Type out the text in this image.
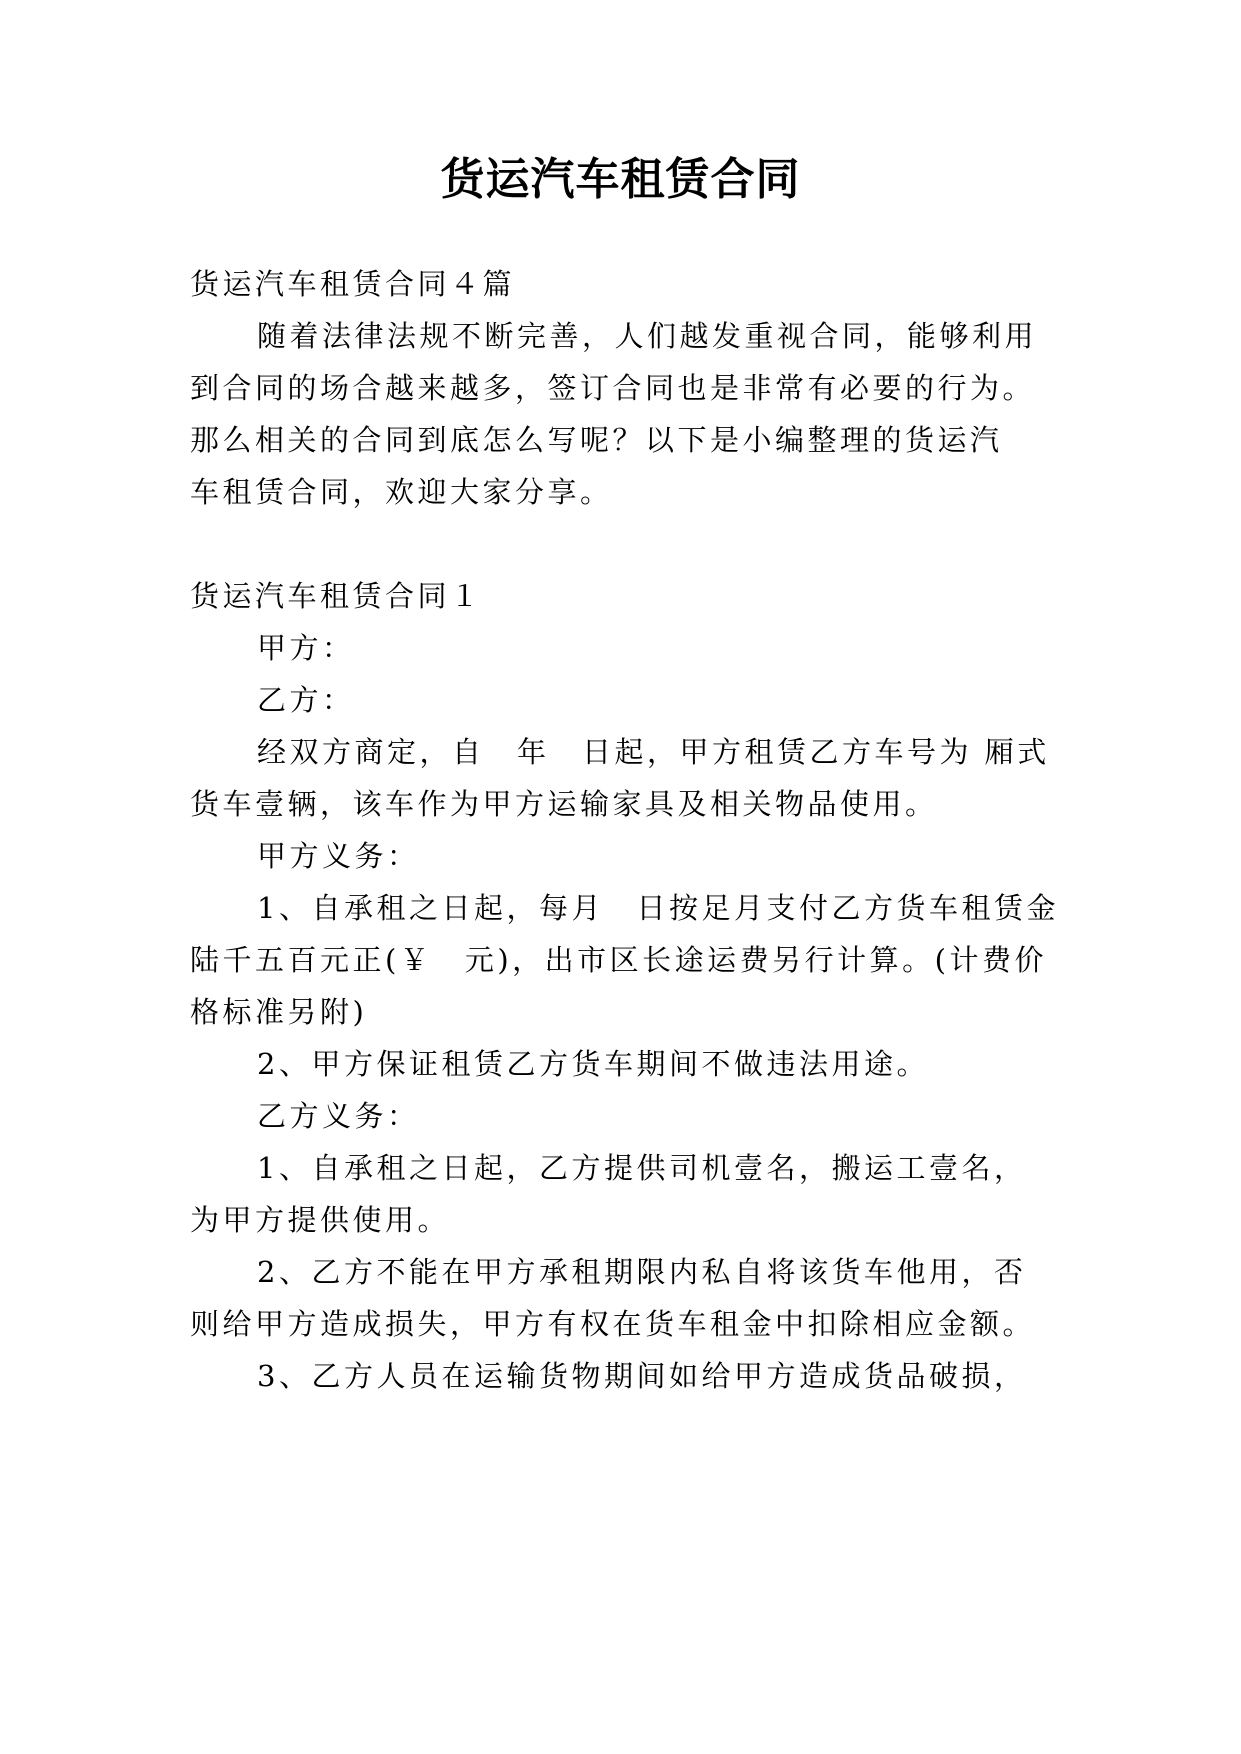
货运汽车租赁合同
货运汽车租赁合同４篇
随着法律法规不断完善，人们越发重视合同，能够利用
到合同的场合越来越多，签订合同也是非常有必要的行为。
那么相关的合同到底怎么写呢？以下是小编整理的货运汽
车租赁合同，欢迎大家分享。
货运汽车租赁合同１
甲方：
乙方：
经双方商定，自　年　日起，甲方租赁乙方车号为 厢式
货车壹辆，该车作为甲方运输家具及相关物品使用。
甲方义务：
1、自承租之日起，每月　日按足月支付乙方货车租赁金
陆千五百元正(￥　元)，出市区长途运费另行计算。(计费价
格标准另附)
2、甲方保证租赁乙方货车期间不做违法用途。
乙方义务：
1、自承租之日起，乙方提供司机壹名，搬运工壹名，
为甲方提供使用。
2、乙方不能在甲方承租期限内私自将该货车他用，否
则给甲方造成损失，甲方有权在货车租金中扣除相应金额。
3、乙方人员在运输货物期间如给甲方造成货品破损，
